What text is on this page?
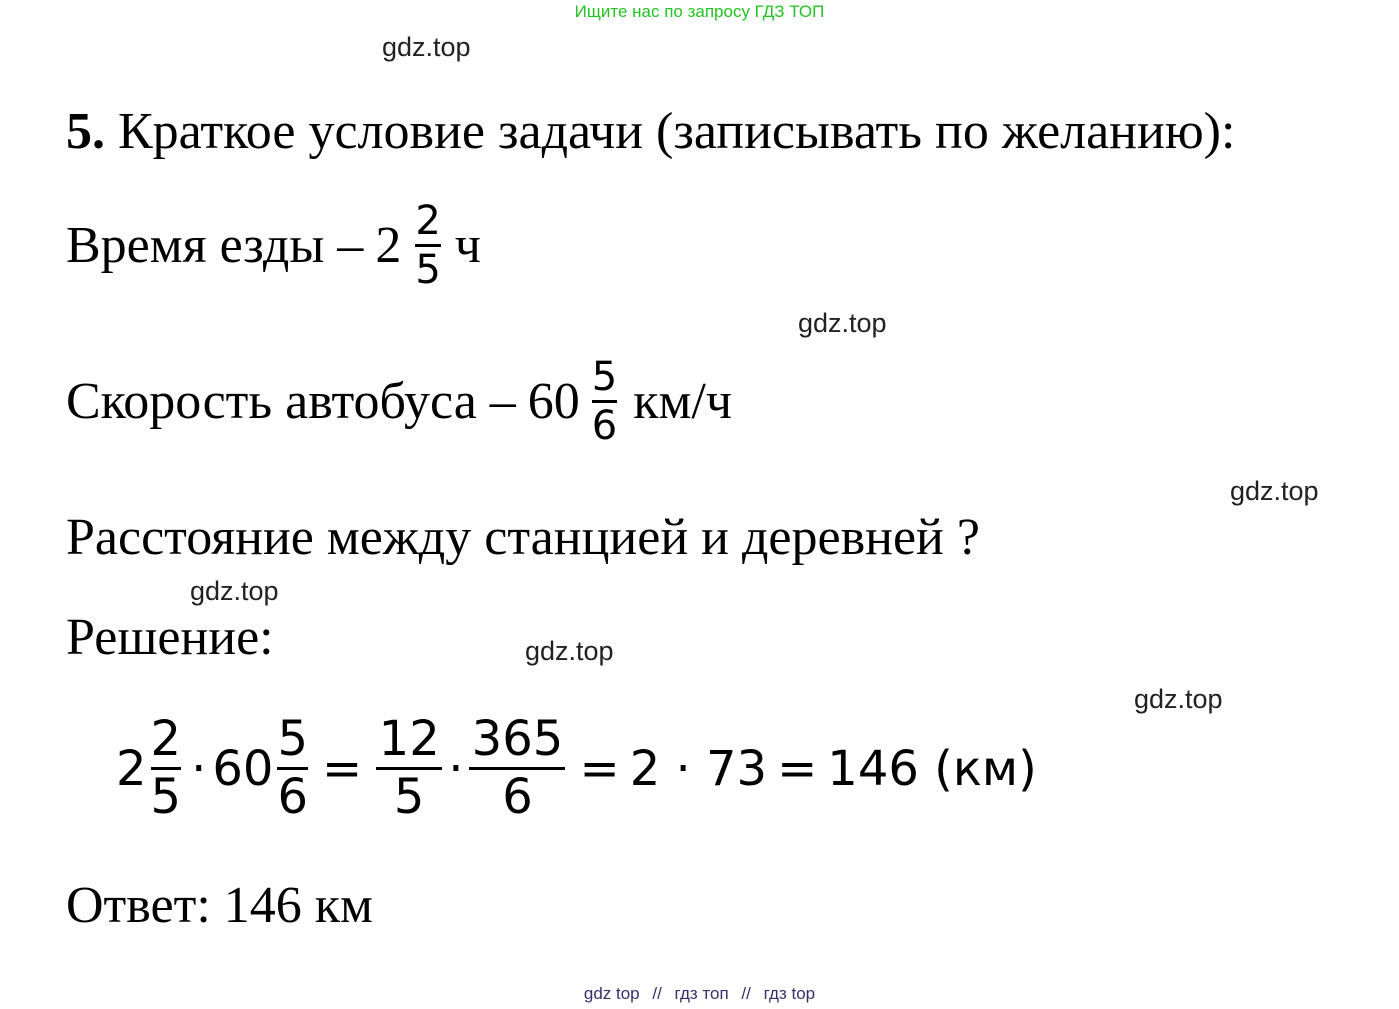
Ищите нас по запросу ГДЗ ТОП
gdz.top
gdz.top
gdz.top
gdz.top
gdz.top
gdz.top
5. Краткое условие задачи (записывать по желанию):
Время езды – $2 \frac{2}{5}$ ч
Скорость автобуса – $60 \frac{5}{6} км/ч$
Расстояние между станцией и деревней ?
Решение:
$2 \frac{2}{5} \cdot 60 \frac{5}{6} = \frac{12}{5} \cdot \frac{365}{6} = 2 \cdot 73 = 146$ (км)
Ответ: 146 км
gdz top // гдз топ // гдз top
